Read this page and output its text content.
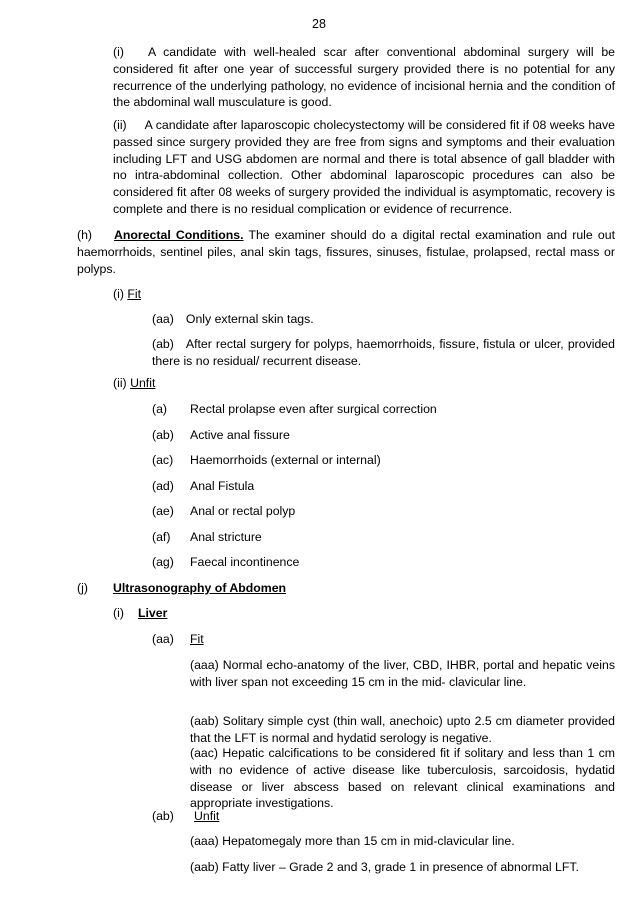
28

(i) A candidate with well-healed scar after conventional abdominal surgery will be considered fit after one year of successful surgery provided there is no potential for any recurrence of the underlying pathology, no evidence of incisional hernia and the condition of the abdominal wall musculature is good.

(ii) A candidate after laparoscopic cholecystectomy will be considered fit if 08 weeks have passed since surgery provided they are free from signs and symptoms and their evaluation including LFT and USG abdomen are normal and there is total absence of gall bladder with no intra-abdominal collection. Other abdominal laparoscopic procedures can also be considered fit after 08 weeks of surgery provided the individual is asymptomatic, recovery is complete and there is no residual complication or evidence of recurrence.

(h) Anorectal Conditions. The examiner should do a digital rectal examination and rule out haemorrhoids, sentinel piles, anal skin tags, fissures, sinuses, fistulae, prolapsed, rectal mass or polyps.

(i) Fit
(aa) Only external skin tags.

(ab) After rectal surgery for polyps, haemorrhoids, fissure, fistula or ulcer, provided there is no residual/ recurrent disease.

(ii) Unfit
(a) Rectal prolapse even after surgical correction
(ab) Active anal fissure
(ac) Haemorrhoids (external or internal)
(ad) Anal Fistula
(ae) Anal or rectal polyp
(af) Anal stricture
(ag) Faecal incontinence
(j) Ultrasonography of Abdomen
(i) Liver
(aa) Fit

(aaa) Normal echo-anatomy of the liver, CBD, IHBR, portal and hepatic veins with liver span not exceeding 15 cm in the mid- clavicular line.

(aab) Solitary simple cyst (thin wall, anechoic) upto 2.5 cm diameter provided that the LFT is normal and hydatid serology is negative.

(aac) Hepatic calcifications to be considered fit if solitary and less than 1 cm with no evidence of active disease like tuberculosis, sarcoidosis, hydatid disease or liver abscess based on relevant clinical examinations and appropriate investigations.

(ab) Unfit
(aaa) Hepatomegaly more than 15 cm in mid-clavicular line.
(aab) Fatty liver – Grade 2 and 3, grade 1 in presence of abnormal LFT.
